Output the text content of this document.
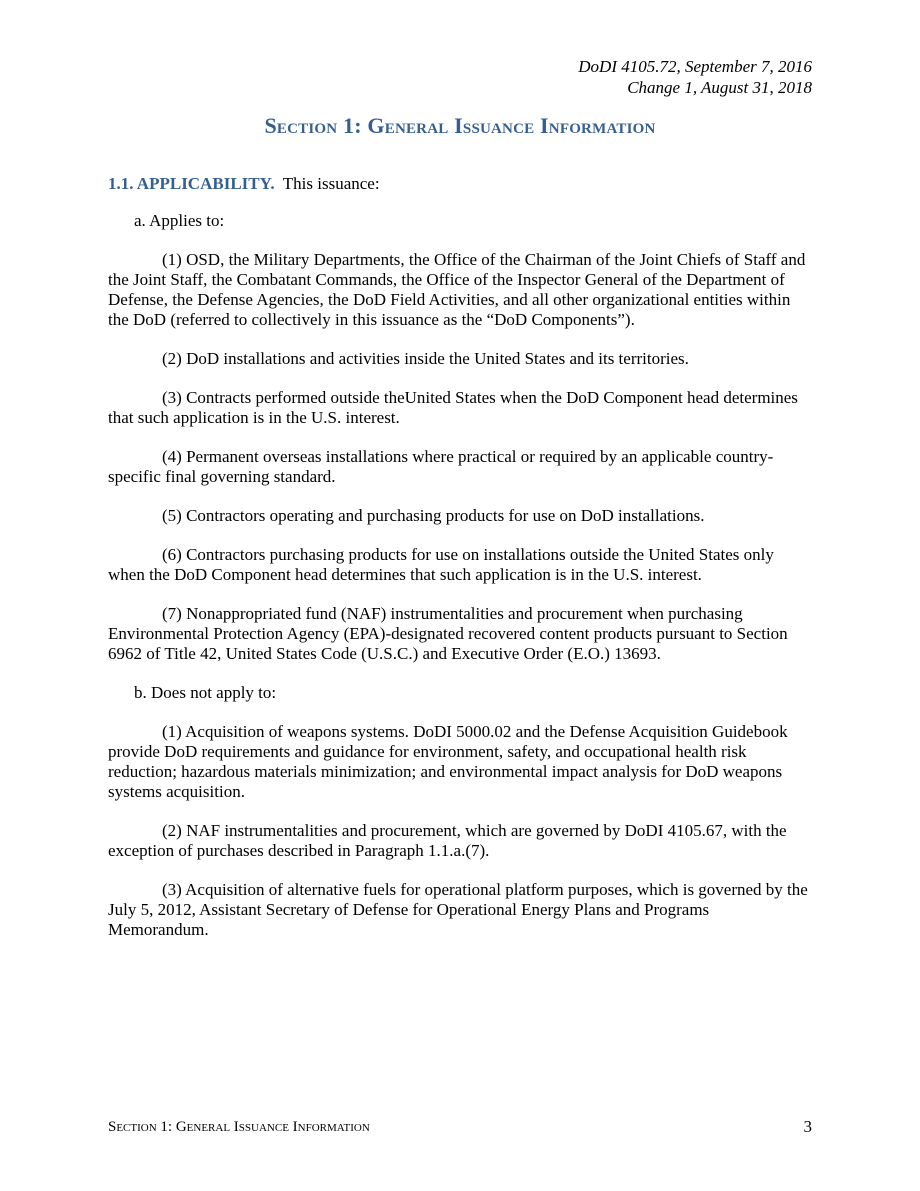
DoDI 4105.72, September 7, 2016
Change 1, August 31, 2018
Section 1: General Issuance Information
1.1. APPLICABILITY.  This issuance:
a. Applies to:
(1) OSD, the Military Departments, the Office of the Chairman of the Joint Chiefs of Staff and the Joint Staff, the Combatant Commands, the Office of the Inspector General of the Department of Defense, the Defense Agencies, the DoD Field Activities, and all other organizational entities within the DoD (referred to collectively in this issuance as the “DoD Components”).
(2) DoD installations and activities inside the United States and its territories.
(3) Contracts performed outside theUnited States when the DoD Component head determines that such application is in the U.S. interest.
(4) Permanent overseas installations where practical or required by an applicable country-specific final governing standard.
(5) Contractors operating and purchasing products for use on DoD installations.
(6) Contractors purchasing products for use on installations outside the United States only when the DoD Component head determines that such application is in the U.S. interest.
(7) Nonappropriated fund (NAF) instrumentalities and procurement when purchasing Environmental Protection Agency (EPA)-designated recovered content products pursuant to Section 6962 of Title 42, United States Code (U.S.C.) and Executive Order (E.O.) 13693.
b. Does not apply to:
(1) Acquisition of weapons systems. DoDI 5000.02 and the Defense Acquisition Guidebook provide DoD requirements and guidance for environment, safety, and occupational health risk reduction; hazardous materials minimization; and environmental impact analysis for DoD weapons systems acquisition.
(2) NAF instrumentalities and procurement, which are governed by DoDI 4105.67, with the exception of purchases described in Paragraph 1.1.a.(7).
(3) Acquisition of alternative fuels for operational platform purposes, which is governed by the July 5, 2012, Assistant Secretary of Defense for Operational Energy Plans and Programs Memorandum.
Section 1: General Issuance Information	3
